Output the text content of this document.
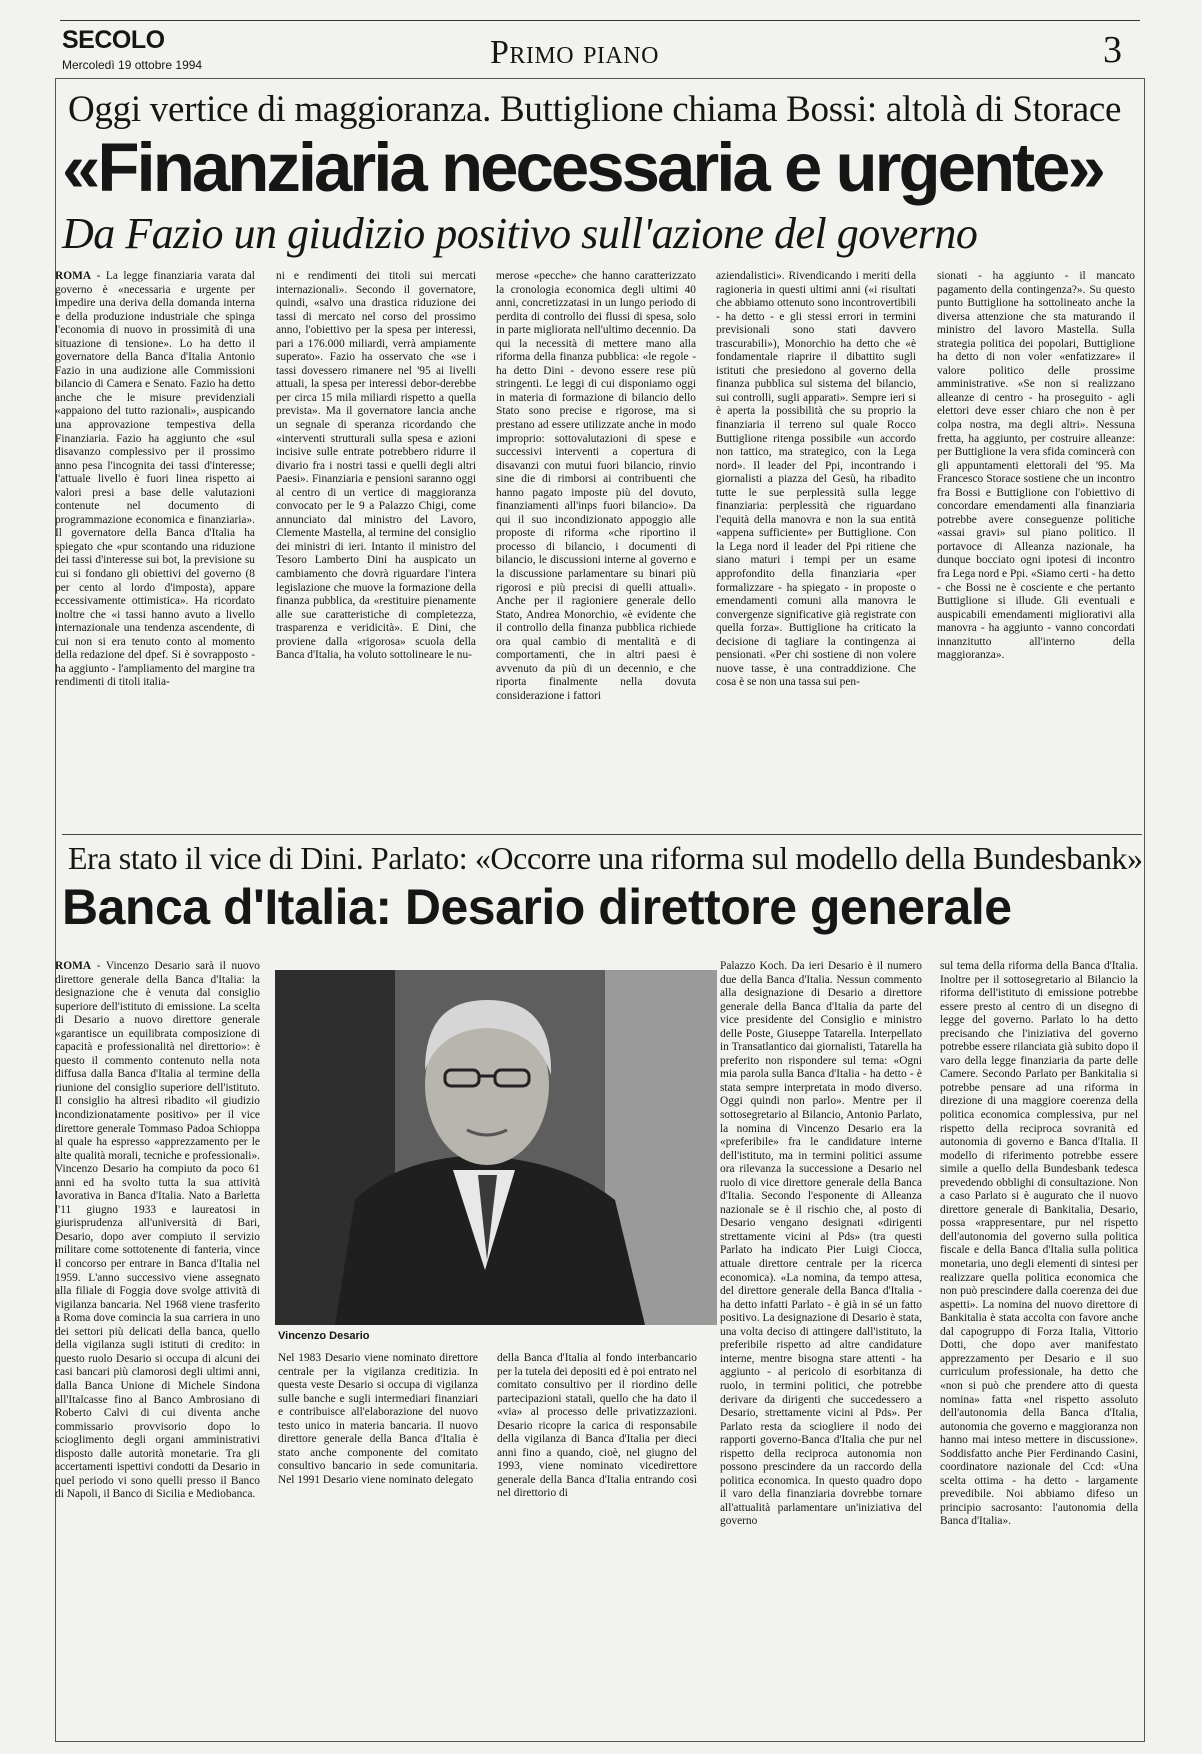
SECOLO
Mercoledì 19 ottobre 1994	Primo piano	3
Oggi vertice di maggioranza. Buttiglione chiama Bossi: altolà di Storace
«Finanziaria necessaria e urgente»
Da Fazio un giudizio positivo sull'azione del governo

ROMA - La legge finanziaria varata dal governo è «necessaria e urgente per impedire una deriva della domanda interna e della produzione industriale che spinga l'economia di nuovo in prossimità di una situazione di tensione». Lo ha detto il governatore della Banca d'Italia Antonio Fazio in una audizione alle Commissioni bilancio di Camera e Senato. Fazio ha detto anche che le misure previdenziali «appaiono del tutto razionali», auspicando una approvazione tempestiva della Finanziaria. Fazio ha aggiunto che «sul disavanzo complessivo per il prossimo anno pesa l'incognita dei tassi d'interesse; l'attuale livello è fuori linea rispetto ai valori presi a base delle valutazioni contenute nel documento di programmazione economica e finanziaria». Il governatore della Banca d'Italia ha spiegato che «pur scontando una riduzione dei tassi d'interesse sui bot, la previsione su cui si fondano gli obiettivi del governo (8 per cento al lordo d'imposta), appare eccessivamente ottimistica». Ha ricordato inoltre che «i tassi hanno avuto a livello internazionale una tendenza ascendente, di cui non si era tenuto conto al momento della redazione del dpef. Si è sovrapposto - ha aggiunto - l'ampliamento del margine tra rendimenti di titoli italia-

ni e rendimenti dei titoli sui mercati internazionali». Secondo il governatore, quindi, «salvo una drastica riduzione dei tassi di mercato nel corso del prossimo anno, l'obiettivo per la spesa per interessi, pari a 176.000 miliardi, verrà ampiamente superato». Fazio ha osservato che «se i tassi dovessero rimanere nel '95 ai livelli attuali, la spesa per interessi debor-derebbe per circa 15 mila miliardi rispetto a quella prevista». Ma il governatore lancia anche un segnale di speranza ricordando che «interventi strutturali sulla spesa e azioni incisive sulle entrate potrebbero ridurre il divario fra i nostri tassi e quelli degli altri Paesi». Finanziaria e pensioni saranno oggi al centro di un vertice di maggioranza convocato per le 9 a Palazzo Chigi, come annunciato dal ministro del Lavoro, Clemente Mastella, al termine del consiglio dei ministri di ieri. Intanto il ministro del Tesoro Lamberto Dini ha auspicato un cambiamento che dovrà riguardare l'intera legislazione che muove la formazione della finanza pubblica, da «restituire pienamente alle sue caratteristiche di completezza, trasparenza e veridicità». E Dini, che proviene dalla «rigorosa» scuola della Banca d'Italia, ha voluto sottolineare le nu-

merose «pecche» che hanno caratterizzato la cronologia economica degli ultimi 40 anni, concretizzatasi in un lungo periodo di perdita di controllo dei flussi di spesa, solo in parte migliorata nell'ultimo decennio. Da qui la necessità di mettere mano alla riforma della finanza pubblica: «le regole - ha detto Dini - devono essere rese più stringenti. Le leggi di cui disponiamo oggi in materia di formazione di bilancio dello Stato sono precise e rigorose, ma si prestano ad essere utilizzate anche in modo improprio: sottovalutazioni di spese e successivi interventi a copertura di disavanzi con mutui fuori bilancio, rinvio sine die di rimborsi ai contribuenti che hanno pagato imposte più del dovuto, finanziamenti all'inps fuori bilancio». Da qui il suo incondizionato appoggio alle proposte di riforma «che riportino il processo di bilancio, i documenti di bilancio, le discussioni interne al governo e la discussione parlamentare su binari più rigorosi e più precisi di quelli attuali». Anche per il ragioniere generale dello Stato, Andrea Monorchio, «è evidente che il controllo della finanza pubblica richiede ora qual cambio di mentalità e di comportamenti, che in altri paesi è avvenuto da più di un decennio, e che riporta finalmente nella dovuta considerazione i fattori

aziendalistici». Rivendicando i meriti della ragioneria in questi ultimi anni («i risultati che abbiamo ottenuto sono incontrovertibili - ha detto - e gli stessi errori in termini previsionali sono stati davvero trascurabili»), Monorchio ha detto che «è fondamentale riaprire il dibattito sugli istituti che presiedono al governo della finanza pubblica sul sistema del bilancio, sui controlli, sugli apparati». Sempre ieri si è aperta la possibilità che su proprio la finanziaria il terreno sul quale Rocco Buttiglione ritenga possibile «un accordo non tattico, ma strategico, con la Lega nord». Il leader del Ppi, incontrando i giornalisti a piazza del Gesù, ha ribadito tutte le sue perplessità sulla legge finanziaria: perplessità che riguardano l'equità della manovra e non la sua entità «appena sufficiente» per Buttiglione. Con la Lega nord il leader del Ppi ritiene che siano maturi i tempi per un esame approfondito della finanziaria «per formalizzare - ha spiegato - in proposte o emendamenti comuni alla manovra le convergenze significative già registrate con quella forza». Buttiglione ha criticato la decisione di tagliare la contingenza ai pensionati. «Per chi sostiene di non volere nuove tasse, è una contraddizione. Che cosa è se non una tassa sui pen-

sionati - ha aggiunto - il mancato pagamento della contingenza?». Su questo punto Buttiglione ha sottolineato anche la diversa attenzione che sta maturando il ministro del lavoro Mastella. Sulla strategia politica dei popolari, Buttiglione ha detto di non voler «enfatizzare» il valore politico delle prossime amministrative. «Se non si realizzano alleanze di centro - ha proseguito - agli elettori deve esser chiaro che non è per colpa nostra, ma degli altri». Nessuna fretta, ha aggiunto, per costruire alleanze: per Buttiglione la vera sfida comincerà con gli appuntamenti elettorali del '95. Ma Francesco Storace sostiene che un incontro fra Bossi e Buttiglione con l'obiettivo di concordare emendamenti alla finanziaria potrebbe avere conseguenze politiche «assai gravi» sul piano politico. Il portavoce di Alleanza nazionale, ha dunque bocciato ogni ipotesi di incontro fra Lega nord e Ppi. «Siamo certi - ha detto - che Bossi ne è cosciente e che pertanto Buttiglione si illude. Gli eventuali e auspicabili emendamenti migliorativi alla manovra - ha aggiunto - vanno concordati innanzitutto all'interno della maggioranza».

Era stato il vice di Dini. Parlato: «Occorre una riforma sul modello della Bundesbank»
Banca d'Italia: Desario direttore generale

ROMA - Vincenzo Desario sarà il nuovo direttore generale della Banca d'Italia: la designazione che è venuta dal consiglio superiore dell'istituto di emissione. La scelta di Desario a nuovo direttore generale «garantisce un equilibrata composizione di capacità e professionalità nel direttorio»: è questo il commento contenuto nella nota diffusa dalla Banca d'Italia al termine della riunione del consiglio superiore dell'istituto. Il consiglio ha altresì ribadito «il giudizio incondizionatamente positivo» per il vice direttore generale Tommaso Padoa Schioppa al quale ha espresso «apprezzamento per le alte qualità morali, tecniche e professionali». Vincenzo Desario ha compiuto da poco 61 anni ed ha svolto tutta la sua attività lavorativa in Banca d'Italia. Nato a Barletta l'11 giugno 1933 e laureatosi in giurisprudenza all'università di Bari, Desario, dopo aver compiuto il servizio militare come sottotenente di fanteria, vince il concorso per entrare in Banca d'Italia nel 1959. L'anno successivo viene assegnato alla filiale di Foggia dove svolge attività di vigilanza bancaria. Nel 1968 viene trasferito a Roma dove comincia la sua carriera in uno dei settori più delicati della banca, quello della vigilanza sugli istituti di credito: in questo ruolo Desario si occupa di alcuni dei casi bancari più clamorosi degli ultimi anni, dalla Banca Unione di Michele Sindona all'Italcasse fino al Banco Ambrosiano di Roberto Calvi di cui diventa anche commissario provvisorio dopo lo scioglimento degli organi amministrativi disposto dalle autorità monetarie. Tra gli accertamenti ispettivi condotti da Desario in quel periodo vi sono quelli presso il Banco di Napoli, il Banco di Sicilia e Mediobanca.

Vincenzo Desario

Nel 1983 Desario viene nominato direttore centrale per la vigilanza creditizia. In questa veste Desario si occupa di vigilanza sulle banche e sugli intermediari finanziari e contribuisce all'elaborazione del nuovo testo unico in materia bancaria. Il nuovo direttore generale della Banca d'Italia è stato anche componente del comitato consultivo bancario in sede comunitaria. Nel 1991 Desario viene nominato delegato

della Banca d'Italia al fondo interbancario per la tutela dei depositi ed è poi entrato nel comitato consultivo per il riordino delle partecipazioni statali, quello che ha dato il «via» al processo delle privatizzazioni. Desario ricopre la carica di responsabile della vigilanza di Banca d'Italia per dieci anni fino a quando, cioè, nel giugno del 1993, viene nominato vicedirettore generale della Banca d'Italia entrando così nel direttorio di

Palazzo Koch. Da ieri Desario è il numero due della Banca d'Italia. Nessun commento alla designazione di Desario a direttore generale della Banca d'Italia da parte del vice presidente del Consiglio e ministro delle Poste, Giuseppe Tatarella. Interpellato in Transatlantico dai giornalisti, Tatarella ha preferito non rispondere sul tema: «Ogni mia parola sulla Banca d'Italia - ha detto - è stata sempre interpretata in modo diverso. Oggi quindi non parlo». Mentre per il sottosegretario al Bilancio, Antonio Parlato, la nomina di Vincenzo Desario era la «preferibile» fra le candidature interne dell'istituto, ma in termini politici assume ora rilevanza la successione a Desario nel ruolo di vice direttore generale della Banca d'Italia. Secondo l'esponente di Alleanza nazionale se è il rischio che, al posto di Desario vengano designati «dirigenti strettamente vicini al Pds» (tra questi Parlato ha indicato Pier Luigi Ciocca, attuale direttore centrale per la ricerca economica). «La nomina, da tempo attesa, del direttore generale della Banca d'Italia - ha detto infatti Parlato - è già in sé un fatto positivo. La designazione di Desario è stata, una volta deciso di attingere dall'istituto, la preferibile rispetto ad altre candidature interne, mentre bisogna stare attenti - ha aggiunto - al pericolo di esorbitanza di ruolo, in termini politici, che potrebbe derivare da dirigenti che succedessero a Desario, strettamente vicini al Pds». Per Parlato resta da sciogliere il nodo dei rapporti governo-Banca d'Italia che pur nel rispetto della reciproca autonomia non possono prescindere da un raccordo della politica economica. In questo quadro dopo il varo della finanziaria dovrebbe tornare all'attualità parlamentare un'iniziativa del governo

sul tema della riforma della Banca d'Italia. Inoltre per il sottosegretario al Bilancio la riforma dell'istituto di emissione potrebbe essere presto al centro di un disegno di legge del governo. Parlato lo ha detto precisando che l'iniziativa del governo potrebbe essere rilanciata già subito dopo il varo della legge finanziaria da parte delle Camere. Secondo Parlato per Bankitalia si potrebbe pensare ad una riforma in direzione di una maggiore coerenza della politica economica complessiva, pur nel rispetto della reciproca sovranità ed autonomia di governo e Banca d'Italia. Il modello di riferimento potrebbe essere simile a quello della Bundesbank tedesca prevedendo obblighi di consultazione. Non a caso Parlato si è augurato che il nuovo direttore generale di Bankitalia, Desario, possa «rappresentare, pur nel rispetto dell'autonomia del governo sulla politica fiscale e della Banca d'Italia sulla politica monetaria, uno degli elementi di sintesi per realizzare quella politica economica che non può prescindere dalla coerenza dei due aspetti». La nomina del nuovo direttore di Bankitalia è stata accolta con favore anche dal capogruppo di Forza Italia, Vittorio Dotti, che dopo aver manifestato apprezzamento per Desario e il suo curriculum professionale, ha detto che «non si può che prendere atto di questa nomina» fatta «nel rispetto assoluto dell'autonomia della Banca d'Italia, autonomia che governo e maggioranza non hanno mai inteso mettere in discussione». Soddisfatto anche Pier Ferdinando Casini, coordinatore nazionale del Ccd: «Una scelta ottima - ha detto - largamente prevedibile. Noi abbiamo difeso un principio sacrosanto: l'autonomia della Banca d'Italia».
